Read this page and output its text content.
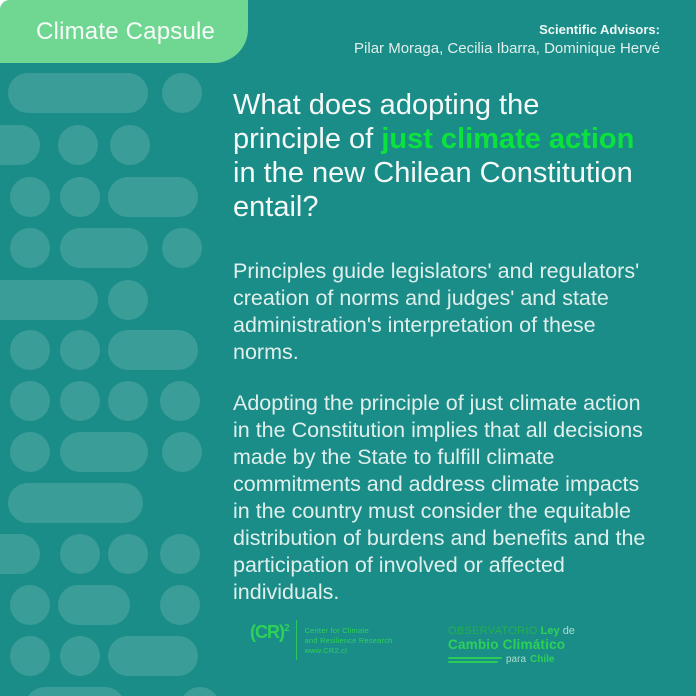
Climate Capsule	Scientific Advisors:
Pilar Moraga, Cecilia Ibarra, Dominique Hervé
What does adopting the principle of just climate action in the new Chilean Constitution entail?

Principles guide legislators' and regulators' creation of norms and judges' and state administration's interpretation of these norms.

Adopting the principle of just climate action in the Constitution implies that all decisions made by the State to fulfill climate commitments and address climate impacts in the country must consider the equitable distribution of burdens and benefits and the participation of involved or affected individuals.

(CR)$^2$ Center for Climate
and Resilience Research
www.CR2.cl
OBSERVATORIO Ley de
Cambio Climático
para Chile
